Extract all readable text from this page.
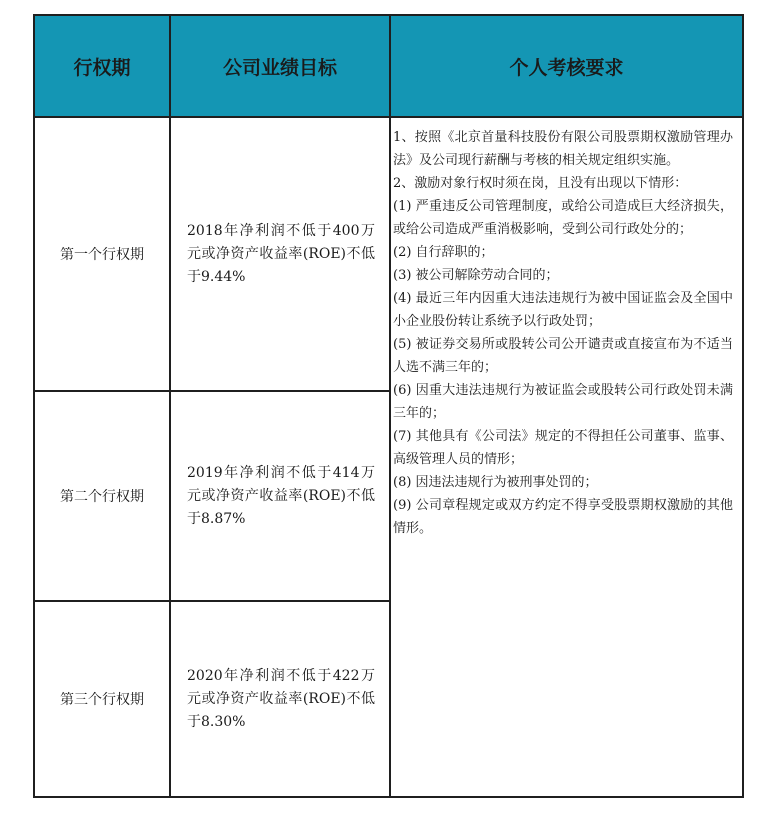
行权期	公司业绩目标	个人考核要求
第一个行权期
2018年净利润不低于400万元或净资产收益率(ROE)不低于9.44%
第二个行权期
2019年净利润不低于414万元或净资产收益率(ROE)不低于8.87%
第三个行权期
2020年净利润不低于422万元或净资产收益率(ROE)不低于8.30%

1、按照《北京首量科技股份有限公司股票期权激励管理办法》及公司现行薪酬与考核的相关规定组织实施。

2、激励对象行权时须在岗，且没有出现以下情形：

(1) 严重违反公司管理制度，或给公司造成巨大经济损失，或给公司造成严重消极影响，受到公司行政处分的；

(2) 自行辞职的；

(3) 被公司解除劳动合同的；

(4) 最近三年内因重大违法违规行为被中国证监会及全国中小企业股份转让系统予以行政处罚；

(5) 被证券交易所或股转公司公开谴责或直接宣布为不适当人选不满三年的；

(6) 因重大违法违规行为被证监会或股转公司行政处罚未满三年的；

(7) 其他具有《公司法》规定的不得担任公司董事、监事、高级管理人员的情形；

(8) 因违法违规行为被刑事处罚的；

(9) 公司章程规定或双方约定不得享受股票期权激励的其他情形。
